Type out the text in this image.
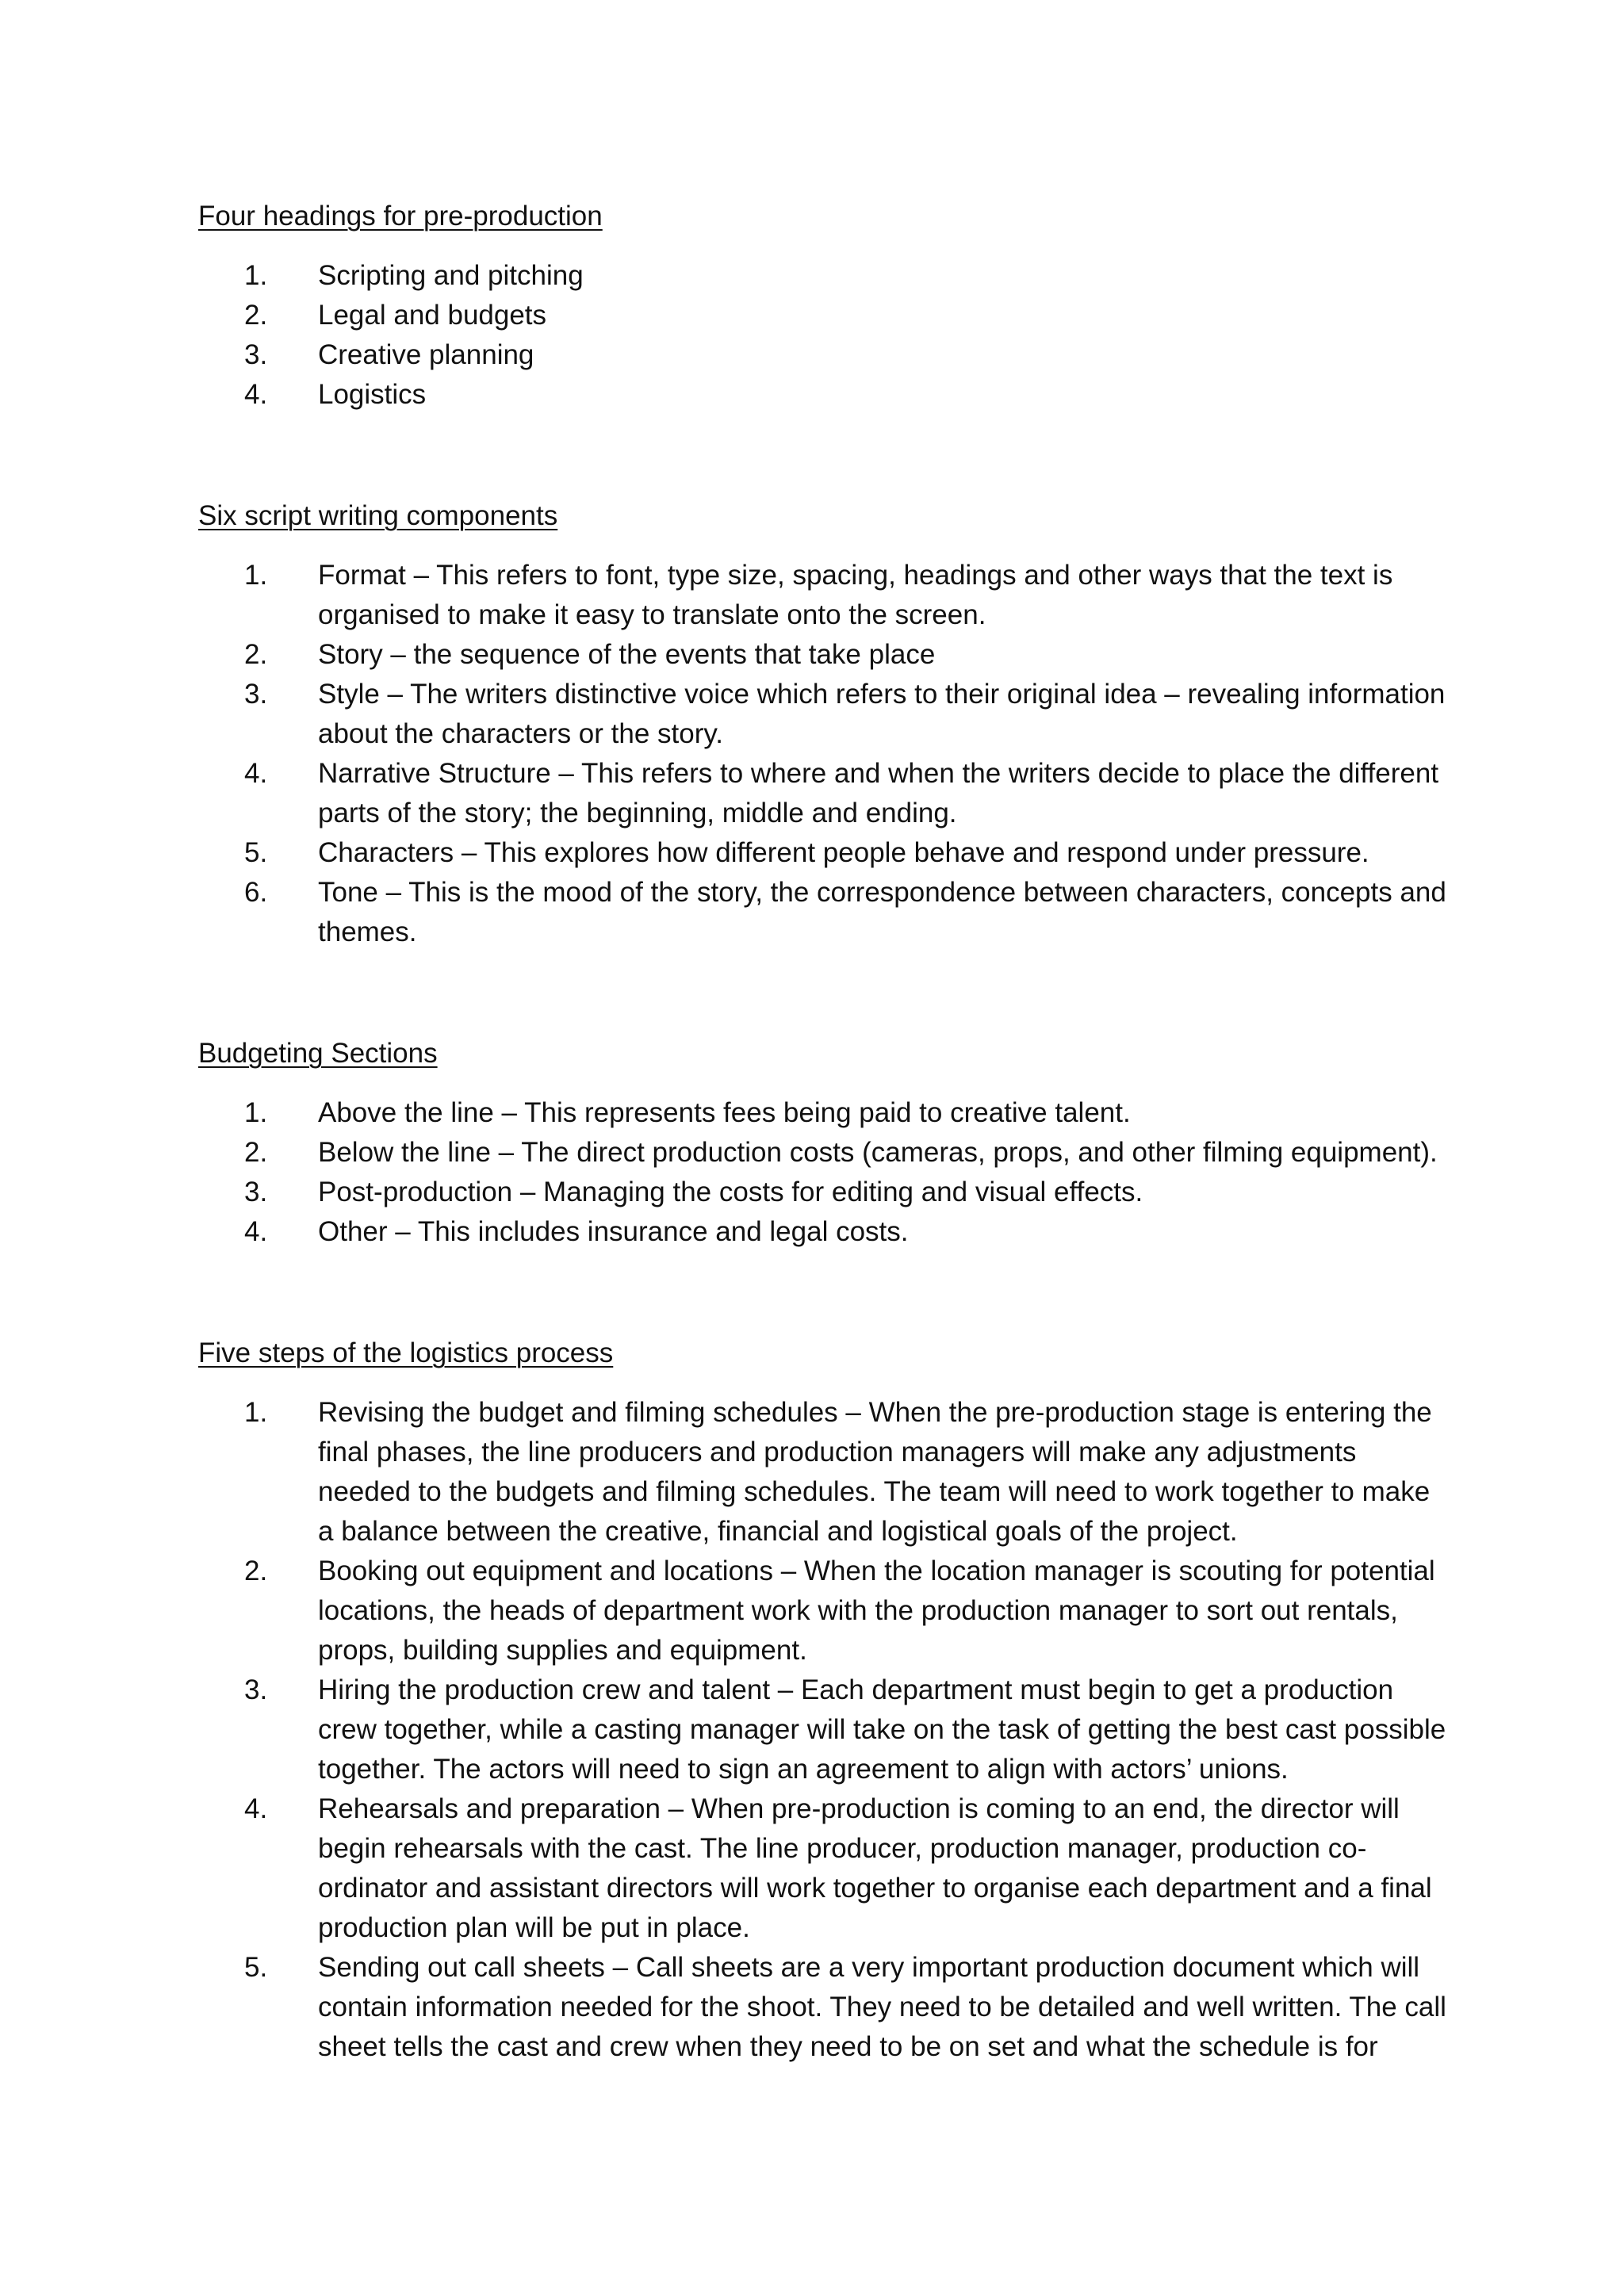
Four headings for pre-production
1.	Scripting and pitching
2.	Legal and budgets
3.	Creative planning
4.	Logistics
Six script writing components
1.	Format – This refers to font, type size, spacing, headings and other ways that the text is organised to make it easy to translate onto the screen.
2.	Story – the sequence of the events that take place
3.	Style – The writers distinctive voice which refers to their original idea – revealing information about the characters or the story.
4.	Narrative Structure – This refers to where and when the writers decide to place the different parts of the story; the beginning, middle and ending.
5.	Characters – This explores how different people behave and respond under pressure.
6.	Tone – This is the mood of the story, the correspondence between characters, concepts and themes.
Budgeting Sections
1.	Above the line – This represents fees being paid to creative talent.
2.	Below the line – The direct production costs (cameras, props, and other filming equipment).
3.	Post-production – Managing the costs for editing and visual effects.
4.	Other – This includes insurance and legal costs.
Five steps of the logistics process
1.	Revising the budget and filming schedules – When the pre-production stage is entering the final phases, the line producers and production managers will make any adjustments needed to the budgets and filming schedules. The team will need to work together to make a balance between the creative, financial and logistical goals of the project.
2.	Booking out equipment and locations – When the location manager is scouting for potential locations, the heads of department work with the production manager to sort out rentals, props, building supplies and equipment.
3.	Hiring the production crew and talent – Each department must begin to get a production crew together, while a casting manager will take on the task of getting the best cast possible together. The actors will need to sign an agreement to align with actors’ unions.
4.	Rehearsals and preparation – When pre-production is coming to an end, the director will begin rehearsals with the cast. The line producer, production manager, production co-ordinator and assistant directors will work together to organise each department and a final production plan will be put in place.
5.	Sending out call sheets – Call sheets are a very important production document which will contain information needed for the shoot. They need to be detailed and well written. The call sheet tells the cast and crew when they need to be on set and what the schedule is for
